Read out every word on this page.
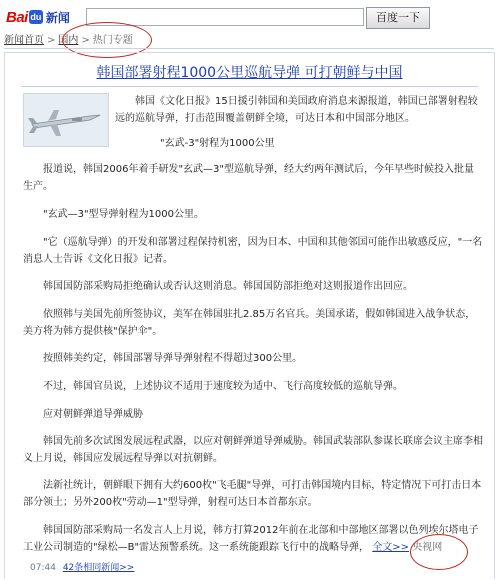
Bai du 新闻	百度一下
新闻首页 > 国内 > 热门专题
韩国部署射程1000公里巡航导弹 可打朝鲜与中国
韩国《文化日报》15日援引韩国和美国政府消息来源报道，韩国已部署射程较远的巡航导弹，打击范围覆盖朝鲜全境，可达日本和中国部分地区。
"玄武-3"射程为1000公里
报道说，韩国2006年着手研发"玄武—3"型巡航导弹，经大约两年测试后，今年早些时候投入批量生产。
"玄武—3"型导弹射程为1000公里。
"它（巡航导弹）的开发和部署过程保持机密，因为日本、中国和其他邻国可能作出敏感反应，"一名消息人士告诉《文化日报》记者。
韩国国防部采购局拒绝确认或否认这则消息。韩国国防部拒绝对这则报道作出回应。
依照韩与美国先前所签协议，美军在韩国驻扎2.85万名官兵。美国承诺，假如韩国进入战争状态，美方将为韩方提供核"保护伞"。
按照韩美约定，韩国部署导弹导弹射程不得超过300公里。
不过，韩国官员说，上述协议不适用于速度较为适中、飞行高度较低的巡航导弹。
应对朝鲜弹道导弹威胁
韩国先前多次试图发展远程武器，以应对朝鲜弹道导弹威胁。韩国武装部队参谋长联席会议主席李相义上月说，韩国应发展远程导弹以对抗朝鲜。
法新社统计，朝鲜眼下拥有大约600枚"飞毛腿"导弹，可打击韩国境内目标，特定情况下可打击日本部分领土；另外200枚"劳动—1"型导弹，射程可达日本首都东京。
韩国国防部采购局一名发言人上月说，韩方打算2012年前在北部和中部地区部署以色列埃尔塔电子工业公司制造的"绿松—B"雷达预警系统。这一系统能跟踪飞行中的战略导弹， 全文>> 央视网
07:44 42条相同新闻>>
